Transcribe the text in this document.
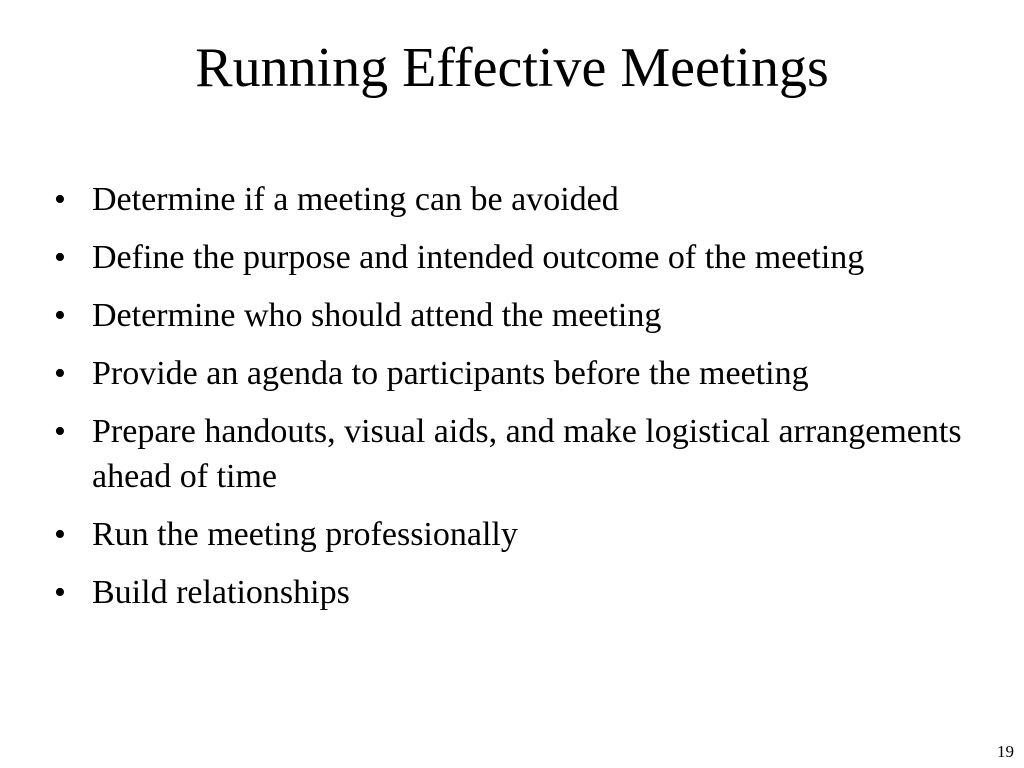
Running Effective Meetings
• Determine if a meeting can be avoided
• Define the purpose and intended outcome of the meeting
• Determine who should attend the meeting
• Provide an agenda to participants before the meeting
• Prepare handouts, visual aids, and make logistical arrangements ahead of time
• Run the meeting professionally
• Build relationships
19
